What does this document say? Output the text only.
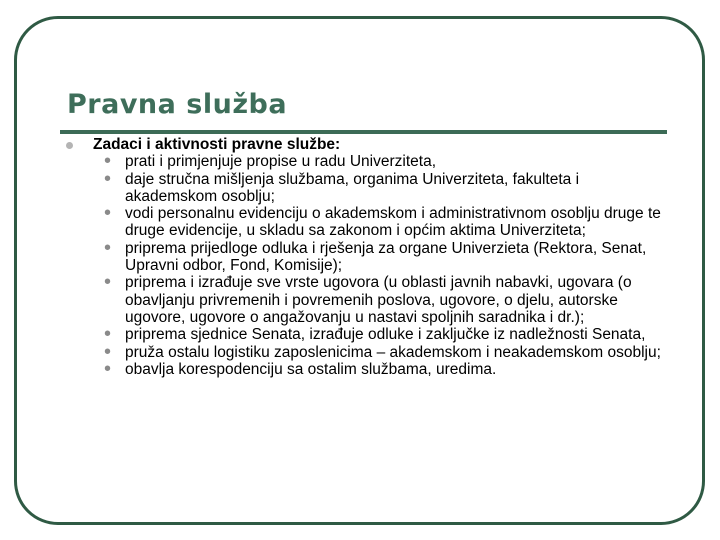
Pravna služba
Zadaci i aktivnosti pravne službe:
• prati i primjenjuje propise u radu Univerziteta,
• daje stručna mišljenja službama, organima Univerziteta, fakulteta i akademskom osoblju;
• vodi personalnu evidenciju o akademskom i administrativnom osoblju druge te druge evidencije, u skladu sa zakonom i općim aktima Univerziteta;
• priprema prijedloge odluka i rješenja za organe Univerzieta (Rektora, Senat, Upravni odbor, Fond, Komisije);
• priprema i izrađuje sve vrste ugovora (u oblasti javnih nabavki, ugovara (o obavljanju privremenih i povremenih poslova, ugovore, o djelu, autorske ugovore, ugovore o angažovanju u nastavi spoljnih saradnika i dr.);
• priprema sjednice Senata, izrađuje odluke i zaključke iz nadležnosti Senata,
• pruža ostalu logistiku zaposlenicima – akademskom i neakademskom osoblju;
• obavlja korespodenciju sa ostalim službama, uredima.
